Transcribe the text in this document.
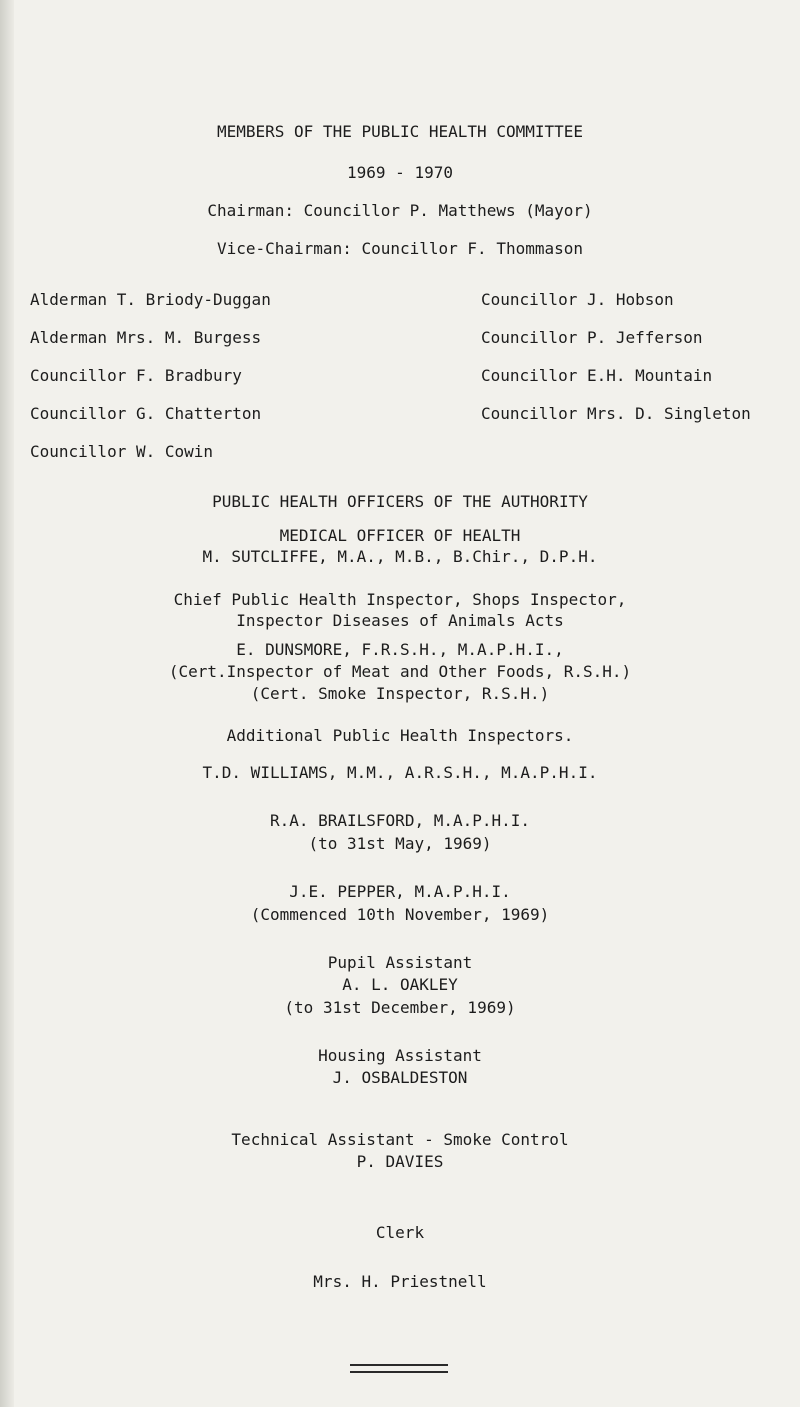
MEMBERS OF THE PUBLIC HEALTH COMMITTEE
1969 - 1970
Chairman: Councillor P. Matthews (Mayor)
Vice-Chairman: Councillor F. Thommason
Alderman T. Briody-Duggan
Alderman Mrs. M. Burgess
Councillor F. Bradbury
Councillor G. Chatterton
Councillor W. Cowin
Councillor J. Hobson
Councillor P. Jefferson
Councillor E.H. Mountain
Councillor Mrs. D. Singleton
PUBLIC HEALTH OFFICERS OF THE AUTHORITY
MEDICAL OFFICER OF HEALTH
M. SUTCLIFFE, M.A., M.B., B.Chir., D.P.H.
Chief Public Health Inspector, Shops Inspector,
Inspector Diseases of Animals Acts
E. DUNSMORE, F.R.S.H., M.A.P.H.I.,
(Cert.Inspector of Meat and Other Foods, R.S.H.)
(Cert. Smoke Inspector, R.S.H.)
Additional Public Health Inspectors.
T.D. WILLIAMS, M.M., A.R.S.H., M.A.P.H.I.
R.A. BRAILSFORD, M.A.P.H.I.
(to 31st May, 1969)
J.E. PEPPER, M.A.P.H.I.
(Commenced 10th November, 1969)
Pupil Assistant
A. L. OAKLEY
(to 31st December, 1969)
Housing Assistant
J. OSBALDESTON
Technical Assistant - Smoke Control
P. DAVIES
Clerk
Mrs. H. Priestnell
